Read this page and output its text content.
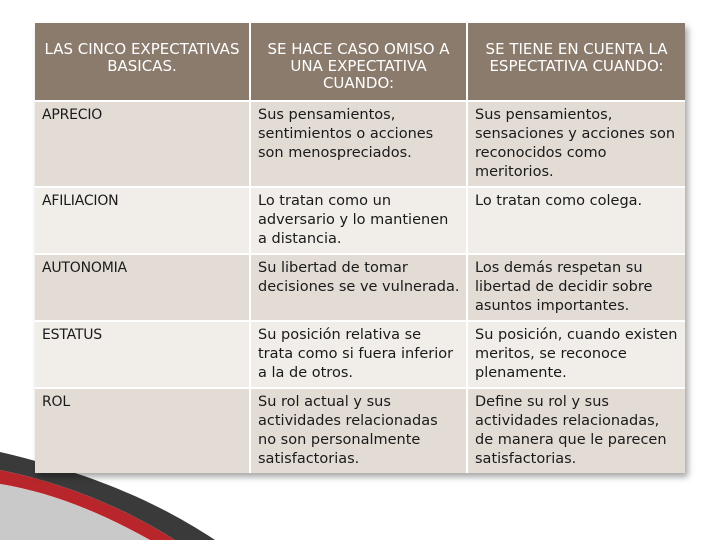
LAS CINCO EXPECTATIVAS BASICAS.	SE HACE CASO OMISO A UNA EXPECTATIVA CUANDO:	SE TIENE EN CUENTA LA ESPECTATIVA CUANDO:
APRECIO	Sus pensamientos, sentimientos o acciones son menospreciados.	Sus pensamientos, sensaciones y acciones son reconocidos como meritorios.
AFILIACION	Lo tratan como un adversario y lo mantienen a distancia.	Lo tratan como colega.
AUTONOMIA	Su libertad de tomar decisiones se ve vulnerada.	Los demás respetan su libertad de decidir sobre asuntos importantes.
ESTATUS	Su posición relativa se trata como si fuera inferior a la de otros.	Su posición, cuando existen meritos, se reconoce plenamente.
ROL	Su rol actual y sus actividades relacionadas no son personalmente satisfactorias.	Define su rol y sus actividades relacionadas, de manera que le parecen satisfactorias.
